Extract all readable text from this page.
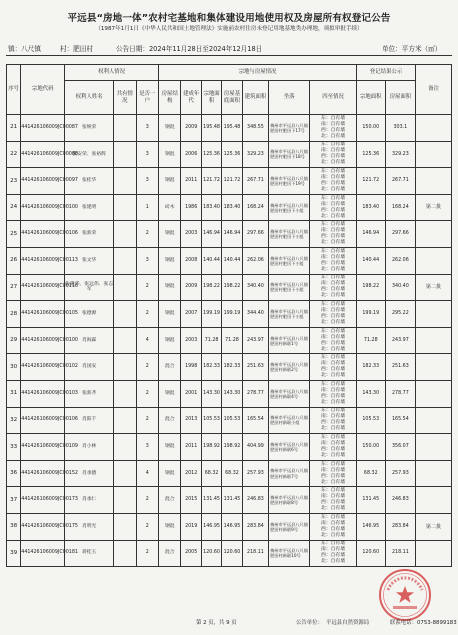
平远县“房地一体”农村宅基地和集体建设用地使用权及房屋所有权登记公告
（1987年1月1日《中华人民共和国土地管理法》实施前农村住房未登记用地基地类办理地，须拟审批手续）
镇：八尺镇	村：肥田村	公告日期：2024年11月28日至2024年12月18日	单位：平方米（㎡）
序号	宗地代码	权利人情况			宗地与房屋情况							登记结果公示		备注
		权利人姓名	共有情况	是否一户	房屋结构	建成年代	宗地面积	房屋基底面积	建筑面积	坐落	四至情况	宗地面积	房屋面积	
21	441426106009JC00087	张焕荣		3	钢混	2009	195.48	195.48	348.55	梅州市平远县八尺镇肥田村肥田下17号	东：自有墙
南：自有墙
西：自有墙
北：自有墙	150.00	303.1	
22	441426106009JC00088	张安荣、张裕辉		3	钢混	2006	125.36	125.36	329.23	梅州市平远县八尺镇肥田村肥田下18号	东：自有墙
南：自有墙
西：自有墙
北：自有墙	125.36	329.23	
23	441426106009JC00097	张桂华		3	钢混	2011	121.72	121.72	267.71	梅州市平远县八尺镇肥田村肥田下19号	东：自有墙
南：自有墙
西：自有墙
北：自有墙	121.72	267.71	
24	441426106009JC00100	张建明		1	砖木	1986	183.40	183.40	168.24	梅州市平远县八尺镇肥田村肥田下小组	东：自有墙
南：自有墙
西：自有墙
北：自有墙	183.40	168.24	第二批
25	441426106009JC00106	张新荣		2	钢混	2003	146.94	146.94	297.66	梅州市平远县八尺镇肥田村肥田下小组	东：自有墙
南：自有墙
西：自有墙
北：自有墙	146.94	297.66	
26	441426106009JC00113	张文华		3	钢混	2008	140.44	140.44	262.06	梅州市平远县八尺镇肥田村肥田下小组	东：自有墙
南：自有墙
西：自有墙
北：自有墙	140.44	262.06	
27	441426106009JC00116	张建华、张远伟、张志军		2	钢混	2009	198.22	198.22	340.40	梅州市平远县八尺镇肥田村肥田下小组	东：自有墙
南：自有墙
西：自有墙
北：自有墙	198.22	340.40	第二批
28	441426106009JC00105	张德源		2	钢混	2007	199.19	199.19	344.40	梅州市平远县八尺镇肥田村肥田下小组	东：自有墙
南：自有墙
西：自有墙
北：自有墙	199.19	295.22	
29	441426106009JC00100	肖海霖		4	钢混	2003	71.28	71.28	243.97	梅州市平远县八尺镇肥田村新联1号	东：自有墙
南：自有墙
西：自有墙
北：自有墙	71.28	243.97	
30	441426106009JC00102	肖国安		2	混合	1998	182.33	182.33	251.63	梅州市平远县八尺镇肥田村新联2号	东：自有墙
南：自有墙
西：自有墙
北：自有墙	182.33	251.63	
31	441426106009JC00103	张新齐		2	钢混	2001	143.30	143.30	278.77	梅州市平远县八尺镇肥田村新联4号	东：自有墙
南：自有墙
西：自有墙
北：自有墙	143.30	278.77	
32	441426106009JC00106	肖阳千		2	混合	2013	105.53	105.53	165.54	梅州市平远县八尺镇肥田村新联小组	东：自有墙
南：自有墙
西：自有墙
北：自有墙	105.53	165.54	
33	441426106009JC00109	肖小林		3	钢混	2011	198.92	198.92	404.99	梅州市平远县八尺镇肥田村新联6号	东：自有墙
南：自有墙
西：自有墙
北：自有墙	150.00	356.07	
36	441426106009JC00152	肖承德		4	钢混	2012	68.32	68.32	257.93	梅州市平远县八尺镇肥田村新联7号	东：自有墙
南：自有墙
西：自有墙
北：自有墙	68.32	257.93	
37	441426106009JC00173	肖承仁		2	混合	2015	131.45	131.45	246.83	梅州市平远县八尺镇肥田村新联8号	东：自有墙
南：自有墙
西：自有墙
北：自有墙	131.45	246.83	
38	441426106009JC00175	肖明光		2	钢混	2019	146.95	146.95	283.84	梅州市平远县八尺镇肥田村新联9号	东：自有墙
南：自有墙
西：自有墙
北：自有墙	146.95	283.84	第二批
39	441426106009JC00181	蒋桂玉		2	混合	2005	120.60	120.60	218.11	梅州市平远县八尺镇肥田村新联10号	东：自有墙
南：自有墙
西：自有墙
北：自有墙	120.60	218.11	
第 2 页，共 9 页	公告单位： 平远县自然资源局	联系电话：0753-8899183
